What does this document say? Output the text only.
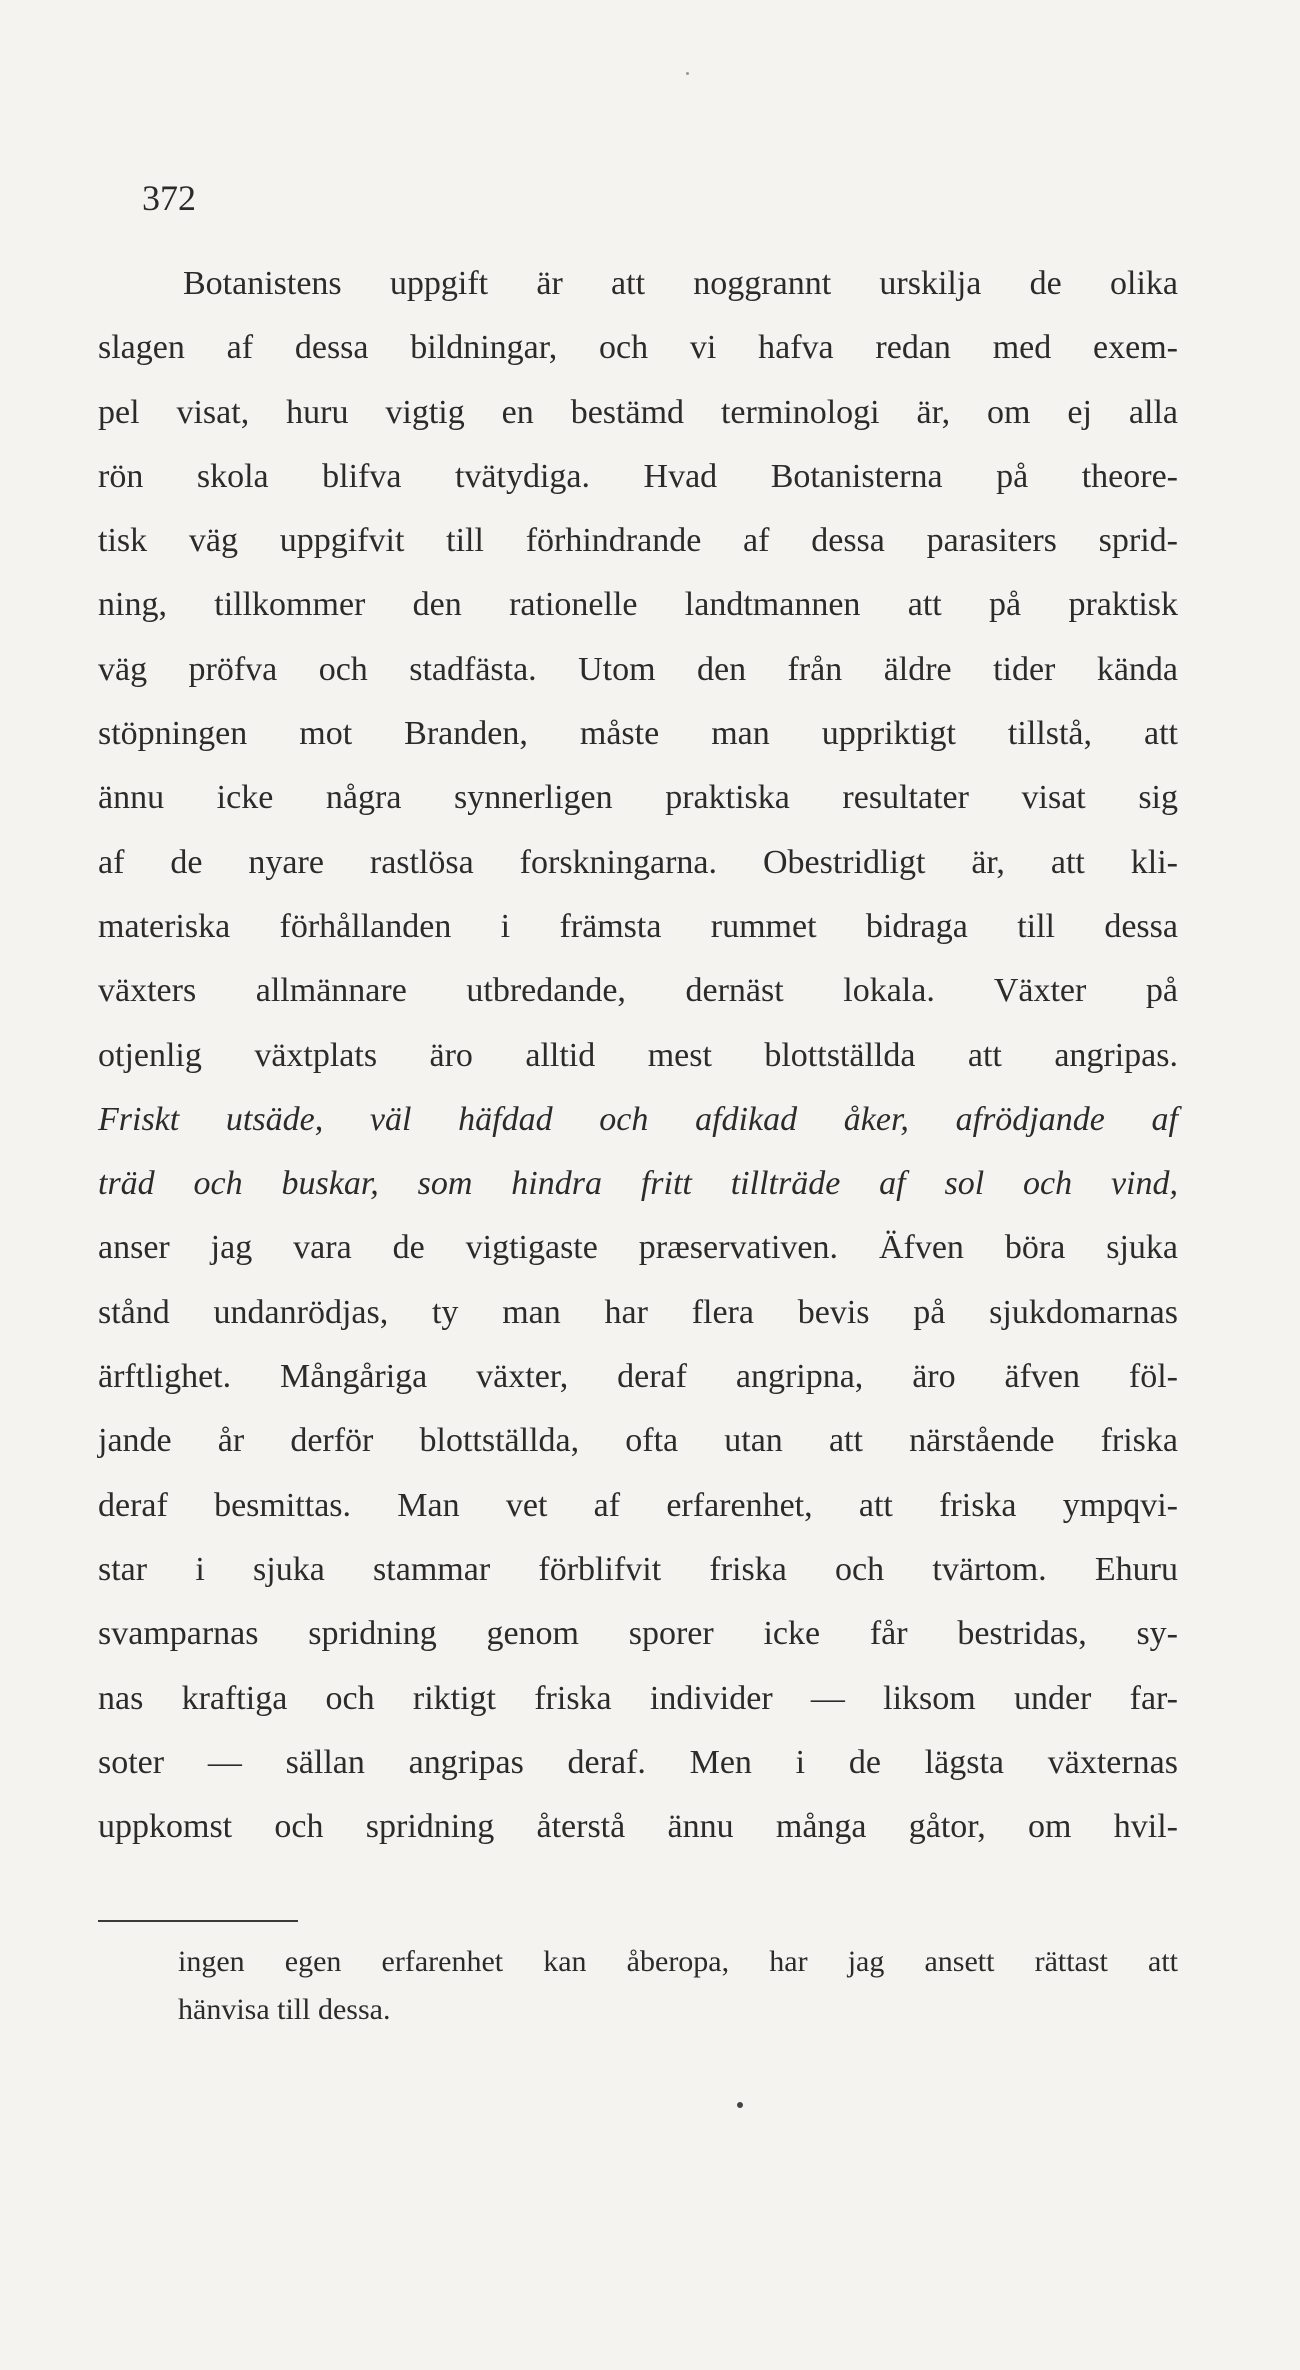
372
Botanistens uppgift är att noggrannt urskilja de olika
slagen af dessa bildningar, och vi hafva redan med exem-
pel visat, huru vigtig en bestämd terminologi är, om ej alla
rön skola blifva tvätydiga. Hvad Botanisterna på theore-
tisk väg uppgifvit till förhindrande af dessa parasiters sprid-
ning, tillkommer den rationelle landtmannen att på praktisk
väg pröfva och stadfästa. Utom den från äldre tider kända
stöpningen mot Branden, måste man uppriktigt tillstå, att
ännu icke några synnerligen praktiska resultater visat sig
af de nyare rastlösa forskningarna. Obestridligt är, att kli-
materiska förhållanden i främsta rummet bidraga till dessa
växters allmännare utbredande, dernäst lokala. Växter på
otjenlig växtplats äro alltid mest blottställda att angripas.
Friskt utsäde, väl häfdad och afdikad åker, afrödjande af
träd och buskar, som hindra fritt tillträde af sol och vind,
anser jag vara de vigtigaste præservativen. Äfven böra sjuka
stånd undanrödjas, ty man har flera bevis på sjukdomarnas
ärftlighet. Mångåriga växter, deraf angripna, äro äfven föl-
jande år derför blottställda, ofta utan att närstående friska
deraf besmittas. Man vet af erfarenhet, att friska ympqvi-
star i sjuka stammar förblifvit friska och tvärtom. Ehuru
svamparnas spridning genom sporer icke får bestridas, sy-
nas kraftiga och riktigt friska individer — liksom under far-
soter — sällan angripas deraf. Men i de lägsta växternas
uppkomst och spridning återstå ännu många gåtor, om hvil-
ingen egen erfarenhet kan åberopa, har jag ansett rättast att
hänvisa till dessa.
